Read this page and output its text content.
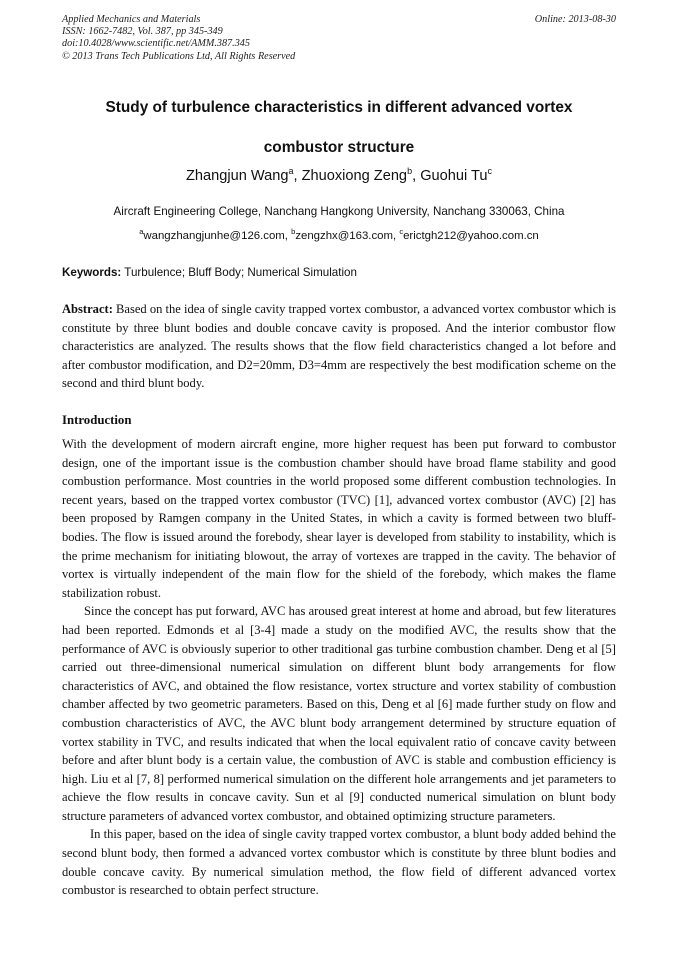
Applied Mechanics and Materials
ISSN: 1662-7482, Vol. 387, pp 345-349
doi:10.4028/www.scientific.net/AMM.387.345
© 2013 Trans Tech Publications Ltd, All Rights Reserved
Online: 2013-08-30
Study of turbulence characteristics in different advanced vortex
combustor structure
Zhangjun Wang$^a$, Zhuoxiong Zeng$^b$, Guohui Tu$^c$
Aircraft Engineering College, Nanchang Hangkong University, Nanchang 330063, China
$^a$wangzhangjunhe@126.com, $^b$zengzhx@163.com, $^c$erictgh212@yahoo.com.cn
Keywords: Turbulence; Bluff Body; Numerical Simulation
Abstract: Based on the idea of single cavity trapped vortex combustor, a advanced vortex combustor which is constitute by three blunt bodies and double concave cavity is proposed. And the interior combustor flow characteristics are analyzed. The results shows that the flow field characteristics changed a lot before and after combustor modification, and D2=20mm, D3=4mm are respectively the best modification scheme on the second and third blunt body.
Introduction

With the development of modern aircraft engine, more higher request has been put forward to combustor design, one of the important issue is the combustion chamber should have broad flame stability and good combustion performance. Most countries in the world proposed some different combustion technologies. In recent years, based on the trapped vortex combustor (TVC) [1], advanced vortex combustor (AVC) [2] has been proposed by Ramgen company in the United States, in which a cavity is formed between two bluff-bodies. The flow is issued around the forebody, shear layer is developed from stability to instability, which is the prime mechanism for initiating blowout, the array of vortexes are trapped in the cavity. The behavior of vortex is virtually independent of the main flow for the shield of the forebody, which makes the flame stabilization robust.

Since the concept has put forward, AVC has aroused great interest at home and abroad, but few literatures had been reported. Edmonds et al [3-4] made a study on the modified AVC, the results show that the performance of AVC is obviously superior to other traditional gas turbine combustion chamber. Deng et al [5] carried out three-dimensional numerical simulation on different blunt body arrangements for flow characteristics of AVC, and obtained the flow resistance, vortex structure and vortex stability of combustion chamber affected by two geometric parameters. Based on this, Deng et al [6] made further study on flow and combustion characteristics of AVC, the AVC blunt body arrangement determined by structure equation of vortex stability in TVC, and results indicated that when the local equivalent ratio of concave cavity between before and after blunt body is a certain value, the combustion of AVC is stable and combustion efficiency is high. Liu et al [7, 8] performed numerical simulation on the different hole arrangements and jet parameters to achieve the flow results in concave cavity. Sun et al [9] conducted numerical simulation on blunt body structure parameters of advanced vortex combustor, and obtained optimizing structure parameters.

In this paper, based on the idea of single cavity trapped vortex combustor, a blunt body added behind the second blunt body, then formed a advanced vortex combustor which is constitute by three blunt bodies and double concave cavity. By numerical simulation method, the flow field of different advanced vortex combustor is researched to obtain perfect structure.
